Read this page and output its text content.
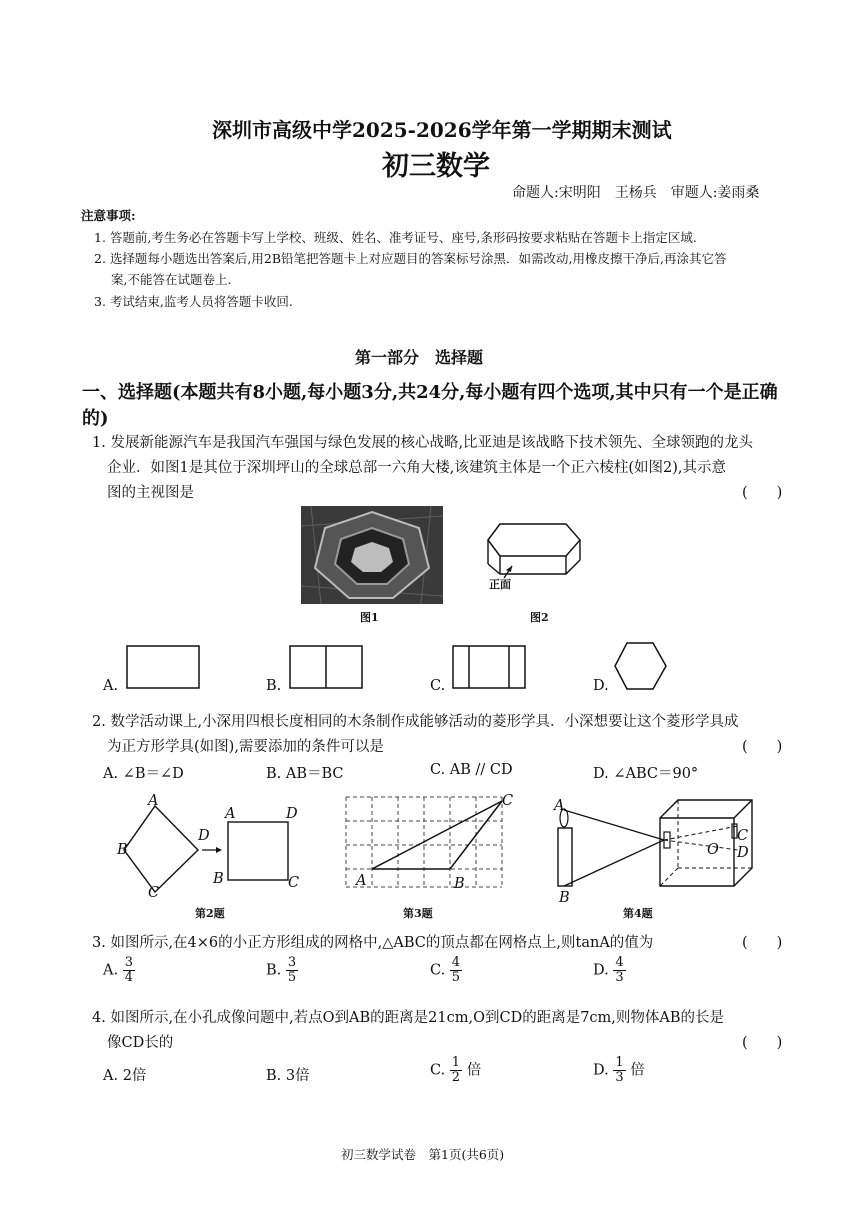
深圳市高级中学2025-2026学年第一学期期末测试
初三数学
命题人:宋明阳　王杨兵　审题人:姜雨桑
注意事项:
1. 答题前,考生务必在答题卡写上学校、班级、姓名、准考证号、座号,条形码按要求粘贴在答题卡上指定区域.
2. 选择题每小题选出答案后,用2B铅笔把答题卡上对应题目的答案标号涂黑．如需改动,用橡皮擦干净后,再涂其它答
案,不能答在试题卷上.
3. 考试结束,监考人员将答题卡收回.
第一部分　选择题
一、选择题(本题共有8小题,每小题3分,共24分,每小题有四个选项,其中只有一个是正确
的)
1. 发展新能源汽车是我国汽车强国与绿色发展的核心战略,比亚迪是该战略下技术领先、全球领跑的龙头
企业．如图1是其位于深圳坪山的全球总部一六角大楼,该建筑主体是一个正六棱柱(如图2),其示意
图的主视图是	(　　)
图1
正面
图2
A.	B.	C.	D.
2. 数学活动课上,小深用四根长度相同的木条制作成能够活动的菱形学具．小深想要让这个菱形学具成
为正方形学具(如图),需要添加的条件可以是	(　　)
A. ∠B＝∠D	B. AB＝BC	C. AB // CD	D. ∠ABC＝90°
A
B
C
D
A	D
B	C
第2题
A	B
C
第3题
A
B
O
C
D
第4题
3. 如图所示,在4×6的小正方形组成的网格中,△ABC的顶点都在网格点上,则tanA的值为	(　　)
A. $\frac{3}{4}$	B. $\frac{3}{5}$	C. $\frac{4}{5}$	D. $\frac{4}{3}$
4. 如图所示,在小孔成像问题中,若点O到AB的距离是21cm,O到CD的距离是7cm,则物体AB的长是
像CD长的	(　　)
A. 2倍	B. 3倍	C. $\frac{1}{2}$ 倍	D. $\frac{1}{3}$ 倍
初三数学试卷　第1页(共6页)
